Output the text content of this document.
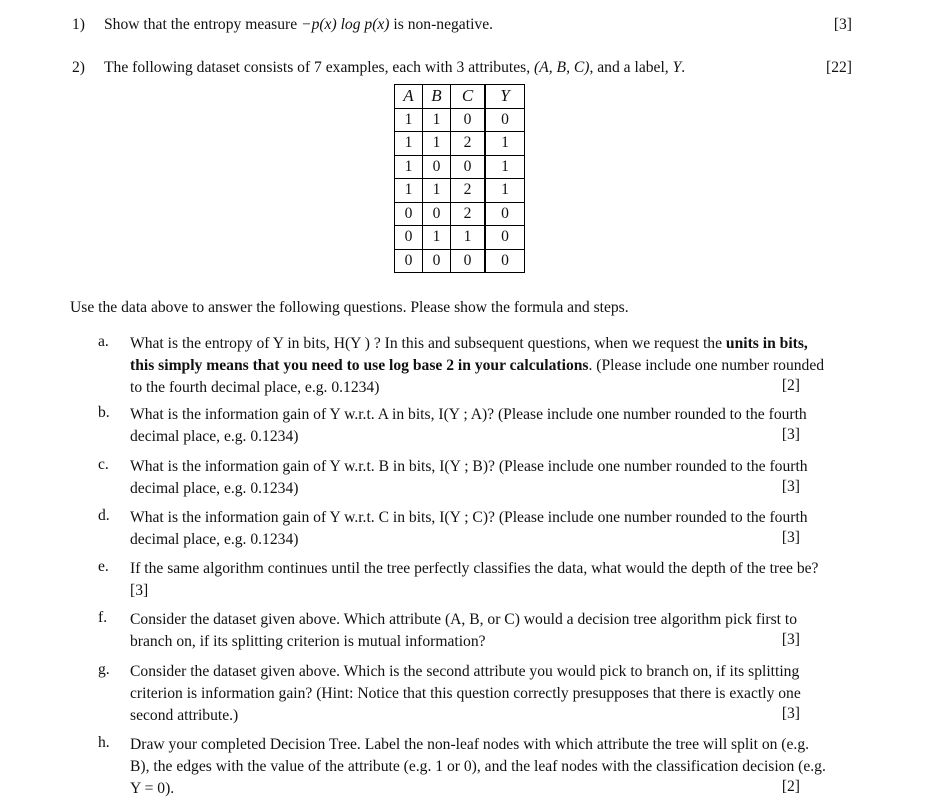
1) Show that the entropy measure −p(x) log p(x) is non-negative.	[3]
2) The following dataset consists of 7 examples, each with 3 attributes, (A, B, C), and a label, Y.	[22]
A	B	C	Y
1	1	0	0
1	1	2	1
1	0	0	1
1	1	2	1
0	0	2	0
0	1	1	0
0	0	0	0
Use the data above to answer the following questions. Please show the formula and steps.
a. What is the entropy of Y in bits, H(Y ) ? In this and subsequent questions, when we request the units in bits,
this simply means that you need to use log base 2 in your calculations. (Please include one number rounded
to the fourth decimal place, e.g. 0.1234)	[2]
b. What is the information gain of Y w.r.t. A in bits, I(Y ; A)? (Please include one number rounded to the fourth
decimal place, e.g. 0.1234)	[3]
c. What is the information gain of Y w.r.t. B in bits, I(Y ; B)? (Please include one number rounded to the fourth
decimal place, e.g. 0.1234)	[3]
d. What is the information gain of Y w.r.t. C in bits, I(Y ; C)? (Please include one number rounded to the fourth
decimal place, e.g. 0.1234)	[3]
e. If the same algorithm continues until the tree perfectly classifies the data, what would the depth of the tree be?
[3]
f. Consider the dataset given above. Which attribute (A, B, or C) would a decision tree algorithm pick first to
branch on, if its splitting criterion is mutual information?	[3]
g. Consider the dataset given above. Which is the second attribute you would pick to branch on, if its splitting
criterion is information gain? (Hint: Notice that this question correctly presupposes that there is exactly one
second attribute.)	[3]
h. Draw your completed Decision Tree. Label the non-leaf nodes with which attribute the tree will split on (e.g.
B), the edges with the value of the attribute (e.g. 1 or 0), and the leaf nodes with the classification decision (e.g.
Y = 0).	[2]
